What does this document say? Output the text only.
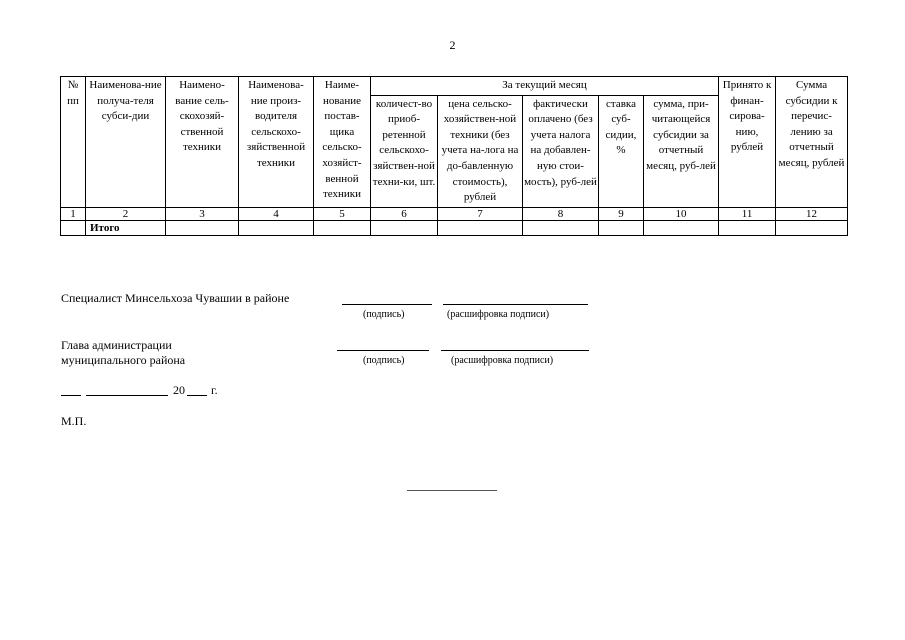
2
№ пп	Наименова-ние получа-теля субси-дии	Наимено-вание сель-скохозяй-ственной техники	Наименова-ние произ-водителя сельскохо-зяйственной техники	Наиме-нование постав-щика сельско-хозяйст-венной техники	За текущий месяц					Принято к финан-сирова-нию, рублей	Сумма субсидии к перечис-лению за отчетный месяц, рублей
					количест-во приоб-ретенной сельскохо-зяйствен-ной техни-ки, шт.	цена сельско-хозяйствен-ной техники (без учета на-лога на до-бавленную стоимость), рублей	фактически оплачено (без учета налога на добавлен-ную стои-мость), руб-лей	ставка суб-сидии, %	сумма, при-читающейся субсидии за отчетный месяц, руб-лей		
1	2	3	4	5	6	7	8	9	10	11	12
	Итого										
Специалист Минсельхоза Чувашии в районе
(подпись)	(расшифровка подписи)
Глава администрации
муниципального района	(подпись)	(расшифровка подписи)
20 г.
М.П.
